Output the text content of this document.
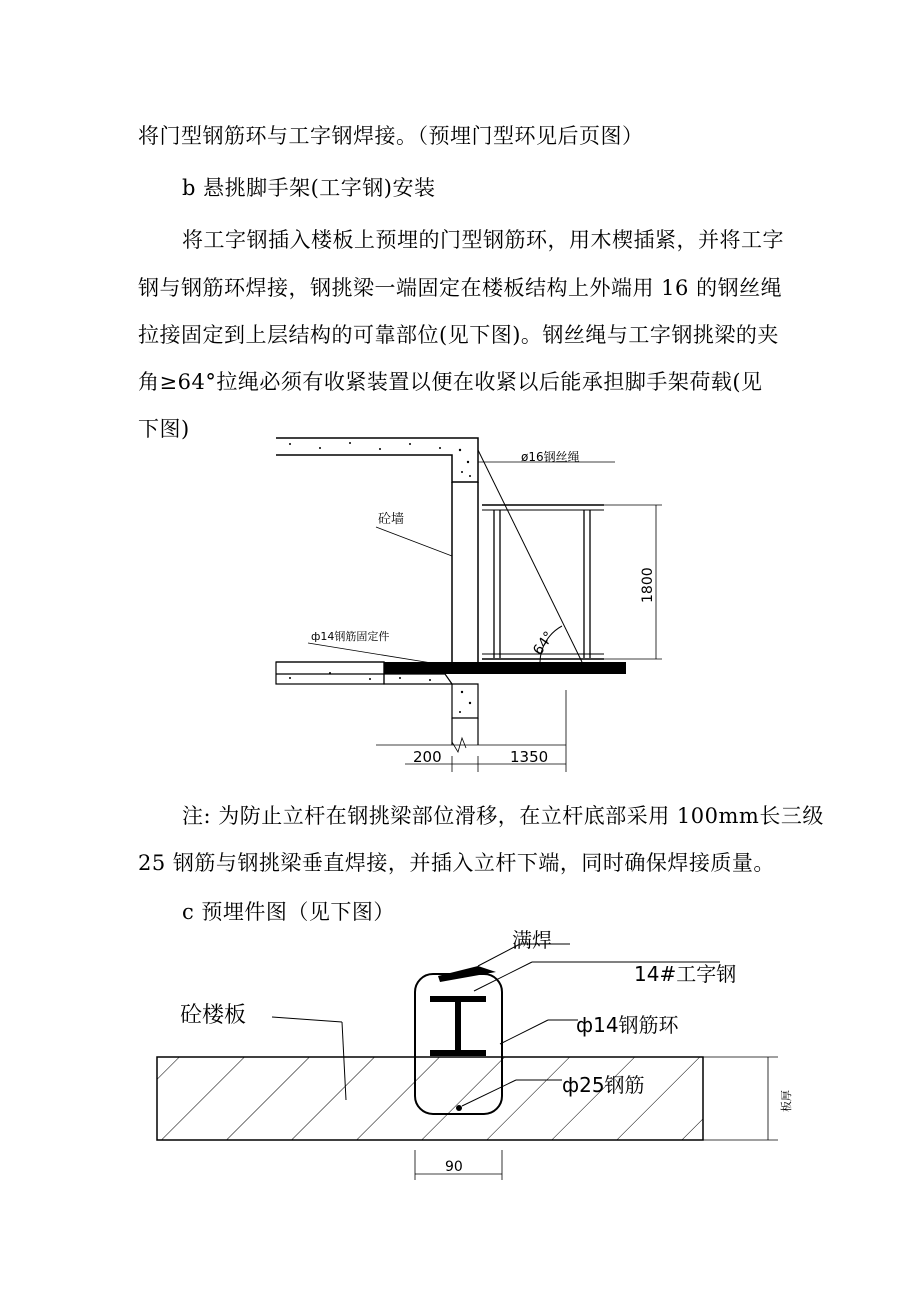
将门型钢筋环与工字钢焊接。（预埋门型环见后页图）
b 悬挑脚手架(工字钢)安装
将工字钢插入楼板上预埋的门型钢筋环，用木楔插紧，并将工字
钢与钢筋环焊接，钢挑梁一端固定在楼板结构上外端用 16 的钢丝绳
拉接固定到上层结构的可靠部位(见下图)。钢丝绳与工字钢挑梁的夹
角≥64°拉绳必须有收紧装置以便在收紧以后能承担脚手架荷载(见
下图)
ø16钢丝绳
砼墙
ф14钢筋固定件
1800
64°
200	1350
注: 为防止立杆在钢挑梁部位滑移，在立杆底部采用 100mm长三级
25 钢筋与钢挑梁垂直焊接，并插入立杆下端，同时确保焊接质量。
c 预埋件图（见下图）
满焊
14#工字钢
砼楼板	ф14钢筋环
ф25钢筋
板厚
90
